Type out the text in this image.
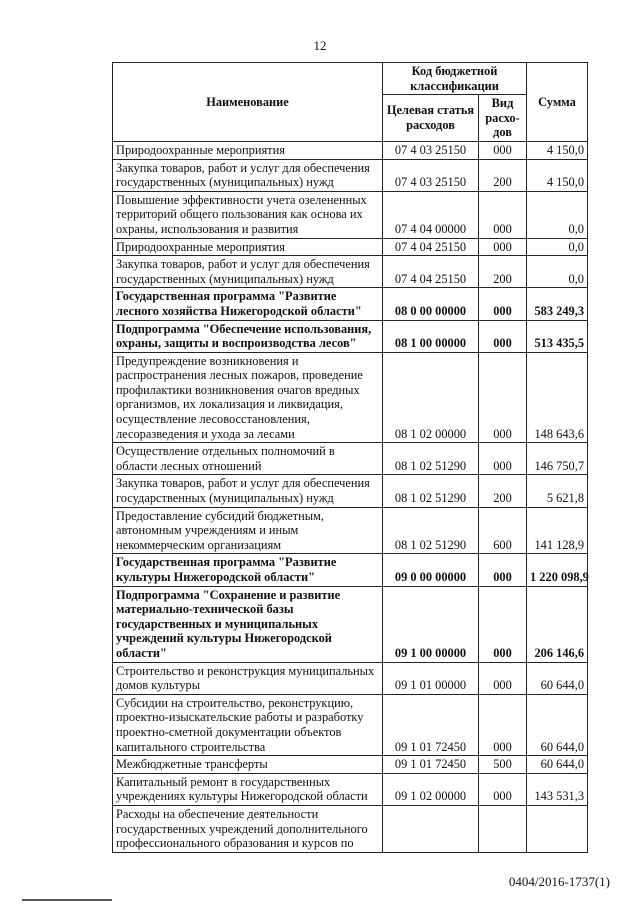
12
Наименование	Код бюджетной классификации		Сумма
	Целевая статья расходов	Вид расхо-дов	
Природоохранные мероприятия	07 4 03 25150	000	4 150,0
Закупка товаров, работ и услуг для обеспечения государственных (муниципальных) нужд	07 4 03 25150	200	4 150,0
Повышение эффективности учета озелененных территорий общего пользования как основа их охраны, использования и развития	07 4 04 00000	000	0,0
Природоохранные мероприятия	07 4 04 25150	000	0,0
Закупка товаров, работ и услуг для обеспечения государственных (муниципальных) нужд	07 4 04 25150	200	0,0
Государственная программа "Развитие лесного хозяйства Нижегородской области"	08 0 00 00000	000	583 249,3
Подпрограмма "Обеспечение использования, охраны, защиты и воспроизводства лесов"	08 1 00 00000	000	513 435,5
Предупреждение возникновения и распространения лесных пожаров, проведение профилактики возникновения очагов вредных организмов, их локализация и ликвидация, осуществление лесовосстановления, лесоразведения и ухода за лесами	08 1 02 00000	000	148 643,6
Осуществление отдельных полномочий в области лесных отношений	08 1 02 51290	000	146 750,7
Закупка товаров, работ и услуг для обеспечения государственных (муниципальных) нужд	08 1 02 51290	200	5 621,8
Предоставление субсидий бюджетным, автономным учреждениям и иным некоммерческим организациям	08 1 02 51290	600	141 128,9
Государственная программа "Развитие культуры Нижегородской области"	09 0 00 00000	000	1 220 098,9
Подпрограмма "Сохранение и развитие материально-технической базы государственных и муниципальных учреждений культуры Нижегородской области"	09 1 00 00000	000	206 146,6
Строительство и реконструкция муниципальных домов культуры	09 1 01 00000	000	60 644,0
Субсидии на строительство, реконструкцию, проектно-изыскательские работы и разработку проектно-сметной документации объектов капитального строительства	09 1 01 72450	000	60 644,0
Межбюджетные трансферты	09 1 01 72450	500	60 644,0
Капитальный ремонт в государственных учреждениях культуры Нижегородской области	09 1 02 00000	000	143 531,3
Расходы на обеспечение деятельности государственных учреждений дополнительного профессионального образования и курсов по			
0404/2016-1737(1)
